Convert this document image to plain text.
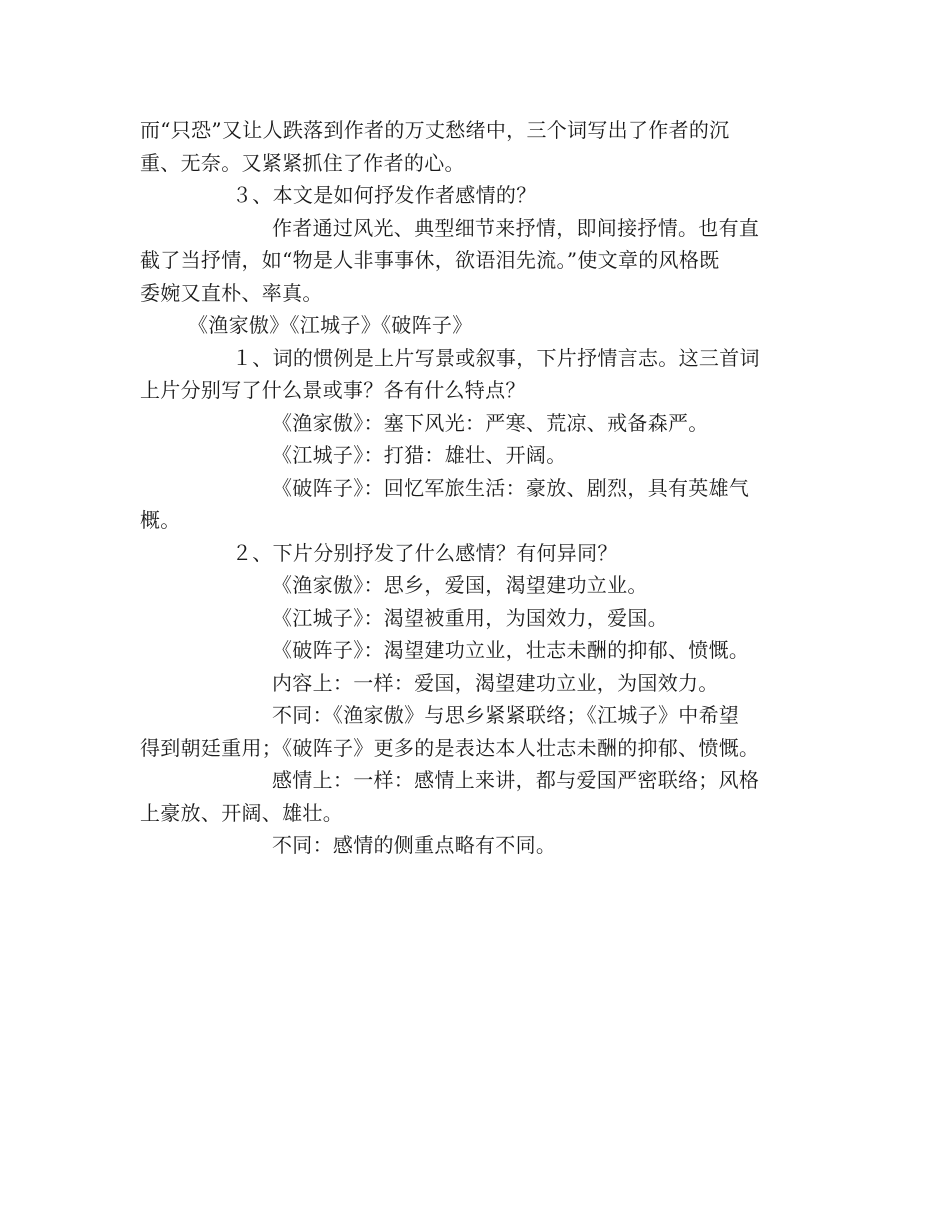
而“只恐”又让人跌落到作者的万丈愁绪中，三个词写出了作者的沉
重、无奈。又紧紧抓住了作者的心。
３、本文是如何抒发作者感情的？
作者通过风光、典型细节来抒情，即间接抒情。也有直
截了当抒情，如“物是人非事事休，欲语泪先流。”使文章的风格既
委婉又直朴、率真。
《渔家傲》《江城子》《破阵子》
１、词的惯例是上片写景或叙事，下片抒情言志。这三首词
上片分别写了什么景或事？各有什么特点？
《渔家傲》：塞下风光：严寒、荒凉、戒备森严。
《江城子》：打猎：雄壮、开阔。
《破阵子》：回忆军旅生活：豪放、剧烈，具有英雄气
概。
２、下片分别抒发了什么感情？有何异同？
《渔家傲》：思乡，爱国，渴望建功立业。
《江城子》：渴望被重用，为国效力，爱国。
《破阵子》：渴望建功立业，壮志未酬的抑郁、愤慨。
内容上：一样：爱国，渴望建功立业，为国效力。
不同：《渔家傲》与思乡紧紧联络；《江城子》中希望
得到朝廷重用；《破阵子》更多的是表达本人壮志未酬的抑郁、愤慨。
感情上：一样：感情上来讲，都与爱国严密联络；风格
上豪放、开阔、雄壮。
不同：感情的侧重点略有不同。
